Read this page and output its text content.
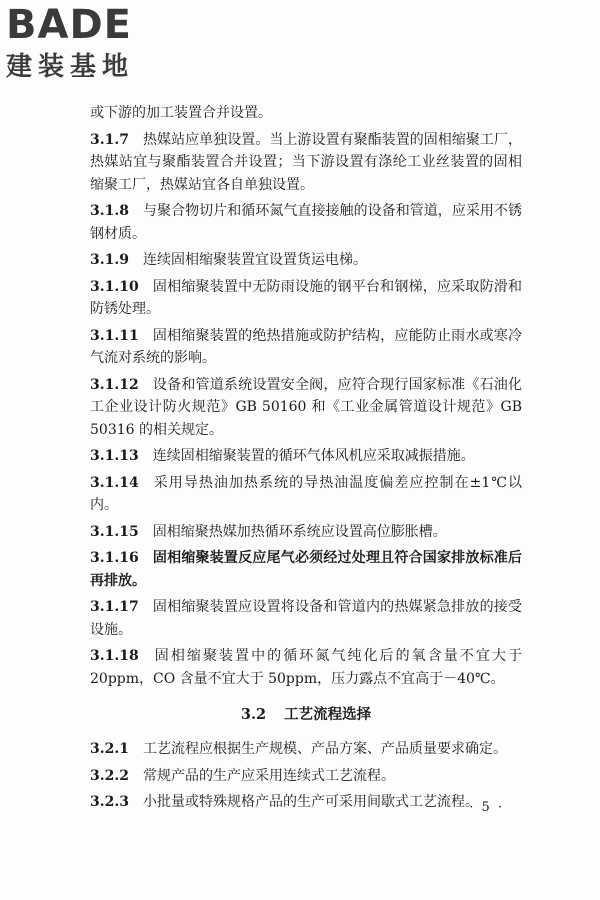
BADE
建装基地
或下游的加工装置合并设置。
3.1.7 热媒站应单独设置。当上游设置有聚酯装置的固相缩聚工厂，热媒站宜与聚酯装置合并设置；当下游设置有涤纶工业丝装置的固相缩聚工厂，热媒站宜各自单独设置。
3.1.8 与聚合物切片和循环氮气直接接触的设备和管道，应采用不锈钢材质。
3.1.9 连续固相缩聚装置宜设置货运电梯。
3.1.10 固相缩聚装置中无防雨设施的钢平台和钢梯，应采取防滑和防锈处理。
3.1.11 固相缩聚装置的绝热措施或防护结构，应能防止雨水或寒冷气流对系统的影响。
3.1.12 设备和管道系统设置安全阀，应符合现行国家标准《石油化工企业设计防火规范》GB 50160 和《工业金属管道设计规范》GB 50316 的相关规定。
3.1.13 连续固相缩聚装置的循环气体风机应采取减振措施。
3.1.14 采用导热油加热系统的导热油温度偏差应控制在±1℃以内。
3.1.15 固相缩聚热媒加热循环系统应设置高位膨胀槽。
3.1.16 固相缩聚装置反应尾气必须经过处理且符合国家排放标准后再排放。
3.1.17 固相缩聚装置应设置将设备和管道内的热媒紧急排放的接受设施。
3.1.18 固相缩聚装置中的循环氮气纯化后的氧含量不宜大于20ppm，CO 含量不宜大于 50ppm，压力露点不宜高于－40℃。
3.2 工艺流程选择
3.2.1 工艺流程应根据生产规模、产品方案、产品质量要求确定。
3.2.2 常规产品的生产应采用连续式工艺流程。
3.2.3 小批量或特殊规格产品的生产可采用间歇式工艺流程。
· 5 ·
